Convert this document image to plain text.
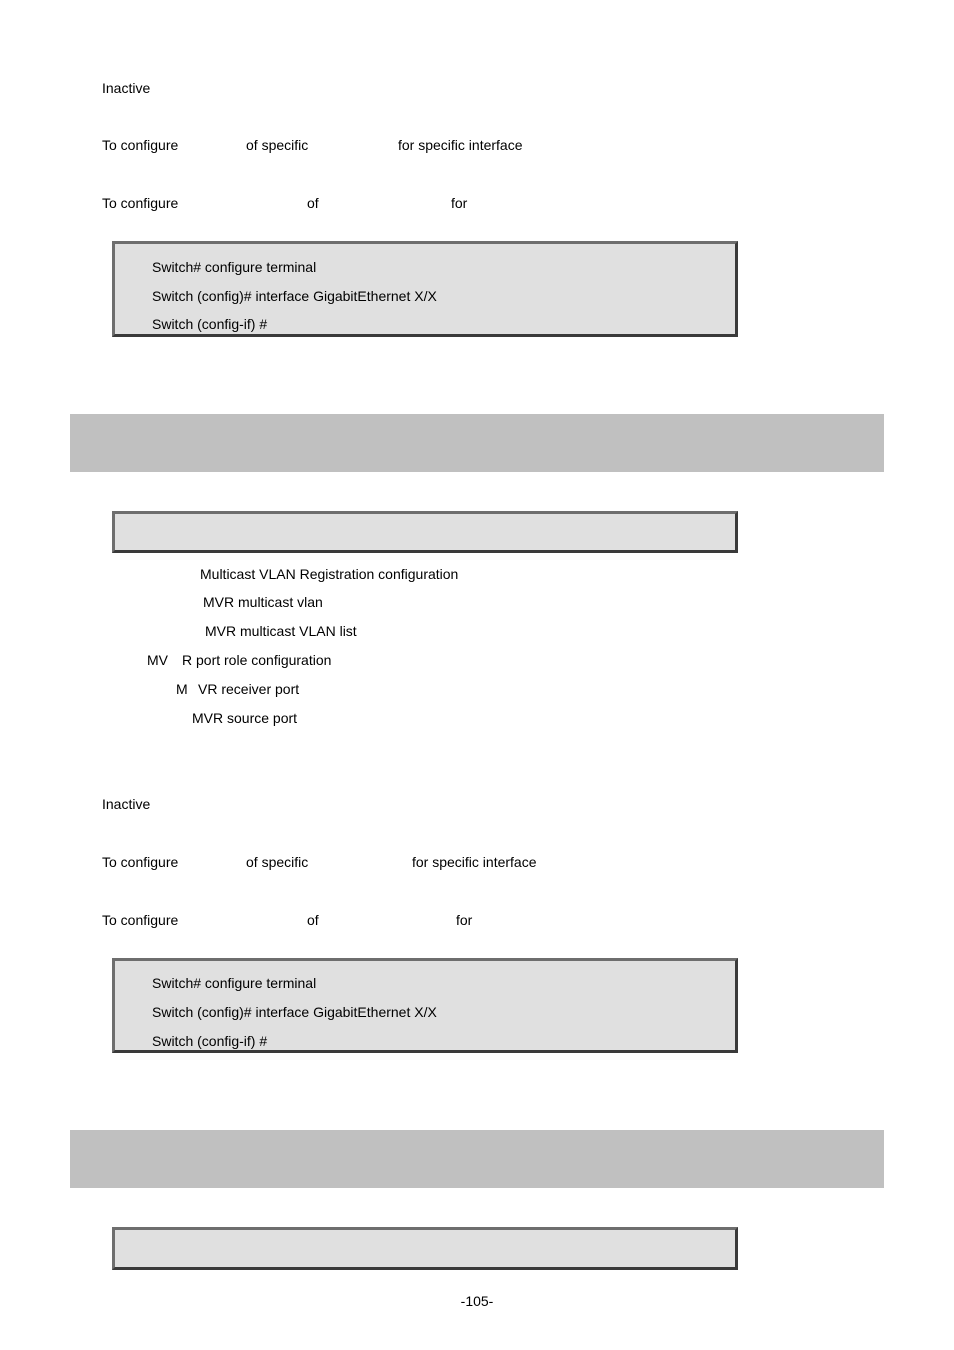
Inactive
To configure	of specific	for specific interface
To configure	of	for
Switch# configure terminal
Switch (config)# interface GigabitEthernet X/X
Switch (config-if) #
Multicast VLAN Registration configuration
MVR multicast vlan
MVR multicast VLAN list
MV R port role configuration
M VR receiver port
MVR source port
Inactive
To configure	of specific	for specific interface
To configure	of	for
Switch# configure terminal
Switch (config)# interface GigabitEthernet X/X
Switch (config-if) #
-105-
